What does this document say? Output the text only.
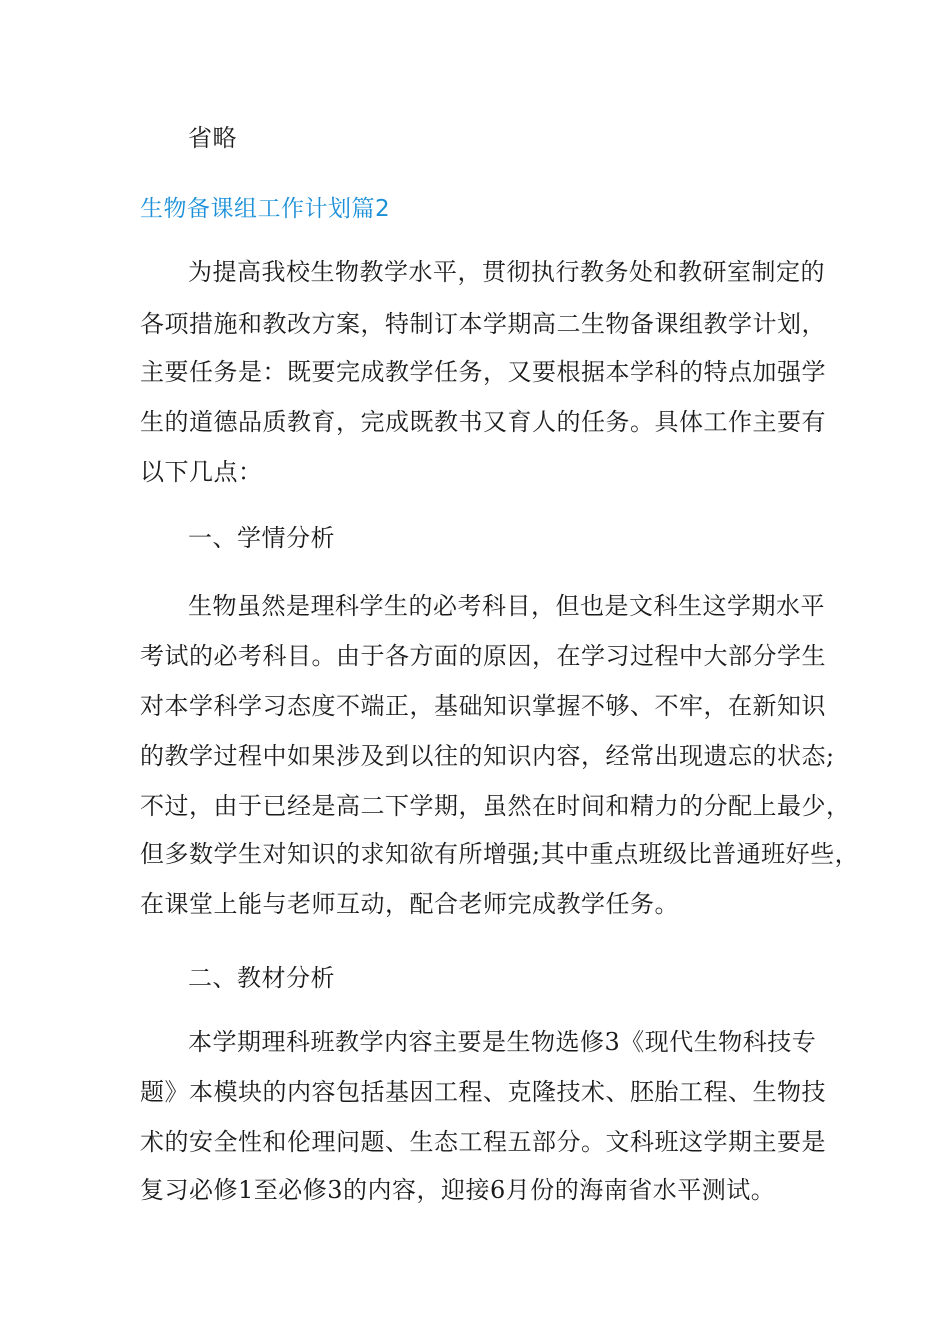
省略
生物备课组工作计划篇2
为提高我校生物教学水平，贯彻执行教务处和教研室制定的
各项措施和教改方案，特制订本学期高二生物备课组教学计划，
主要任务是：既要完成教学任务，又要根据本学科的特点加强学
生的道德品质教育，完成既教书又育人的任务。具体工作主要有
以下几点：
一、学情分析
生物虽然是理科学生的必考科目，但也是文科生这学期水平
考试的必考科目。由于各方面的原因，在学习过程中大部分学生
对本学科学习态度不端正，基础知识掌握不够、不牢，在新知识
的教学过程中如果涉及到以往的知识内容，经常出现遗忘的状态;
不过，由于已经是高二下学期，虽然在时间和精力的分配上最少，
但多数学生对知识的求知欲有所增强;其中重点班级比普通班好些，
在课堂上能与老师互动，配合老师完成教学任务。
二、教材分析
本学期理科班教学内容主要是生物选修3《现代生物科技专
题》本模块的内容包括基因工程、克隆技术、胚胎工程、生物技
术的安全性和伦理问题、生态工程五部分。文科班这学期主要是
复习必修1至必修3的内容，迎接6月份的海南省水平测试。
